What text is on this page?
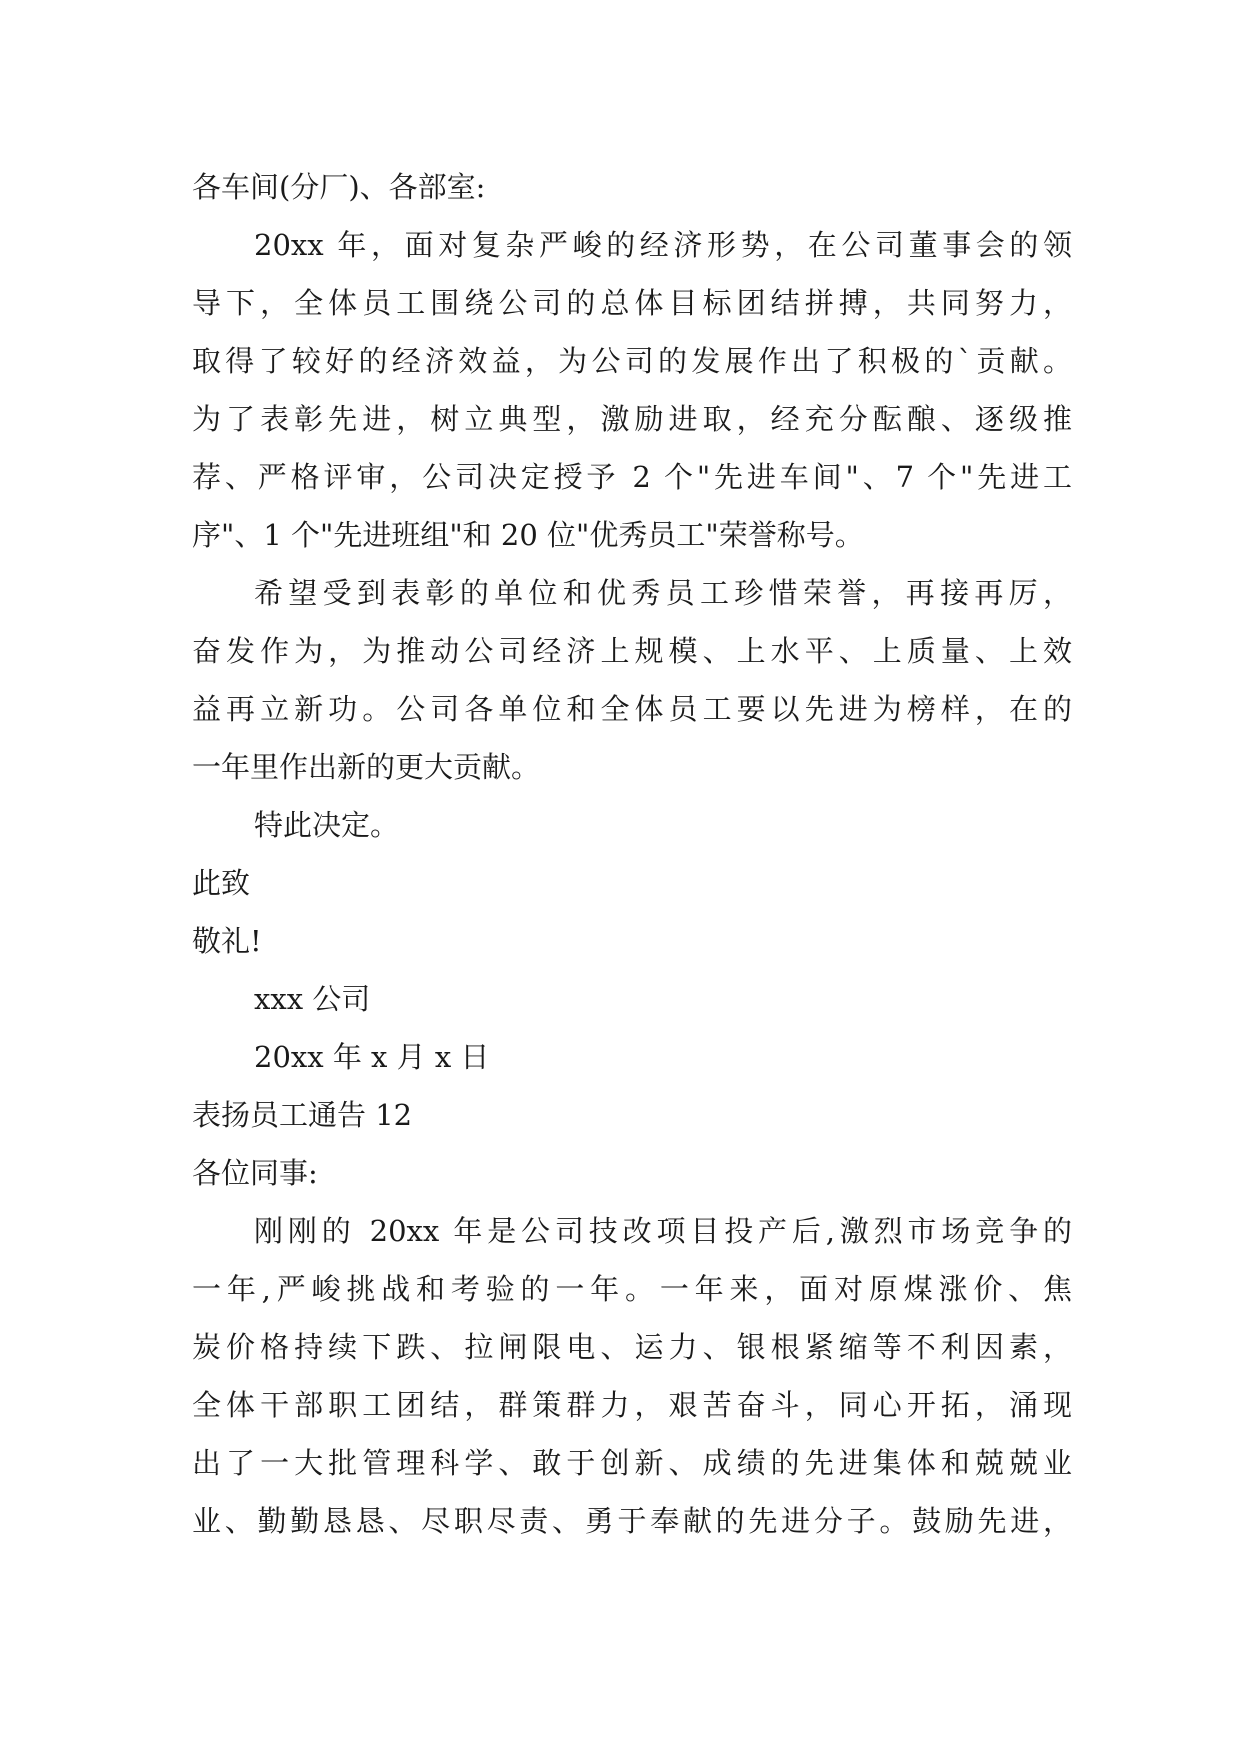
各车间(分厂)、各部室:
20xx 年，面对复杂严峻的经济形势，在公司董事会的领
导下，全体员工围绕公司的总体目标团结拼搏，共同努力，
取得了较好的经济效益，为公司的发展作出了积极的`贡献。
为了表彰先进，树立典型，激励进取，经充分酝酿、逐级推
荐、严格评审，公司决定授予 2 个"先进车间"、7 个"先进工
序"、1 个"先进班组"和 20 位"优秀员工"荣誉称号。
希望受到表彰的单位和优秀员工珍惜荣誉，再接再厉，
奋发作为，为推动公司经济上规模、上水平、上质量、上效
益再立新功。公司各单位和全体员工要以先进为榜样，在的
一年里作出新的更大贡献。
特此决定。
此致
敬礼!
xxx 公司
20xx 年 x 月 x 日
表扬员工通告 12
各位同事:
刚刚的 20xx 年是公司技改项目投产后,激烈市场竞争的
一年,严峻挑战和考验的一年。一年来，面对原煤涨价、焦
炭价格持续下跌、拉闸限电、运力、银根紧缩等不利因素，
全体干部职工团结，群策群力，艰苦奋斗，同心开拓，涌现
出了一大批管理科学、敢于创新、成绩的先进集体和兢兢业
业、勤勤恳恳、尽职尽责、勇于奉献的先进分子。鼓励先进，
